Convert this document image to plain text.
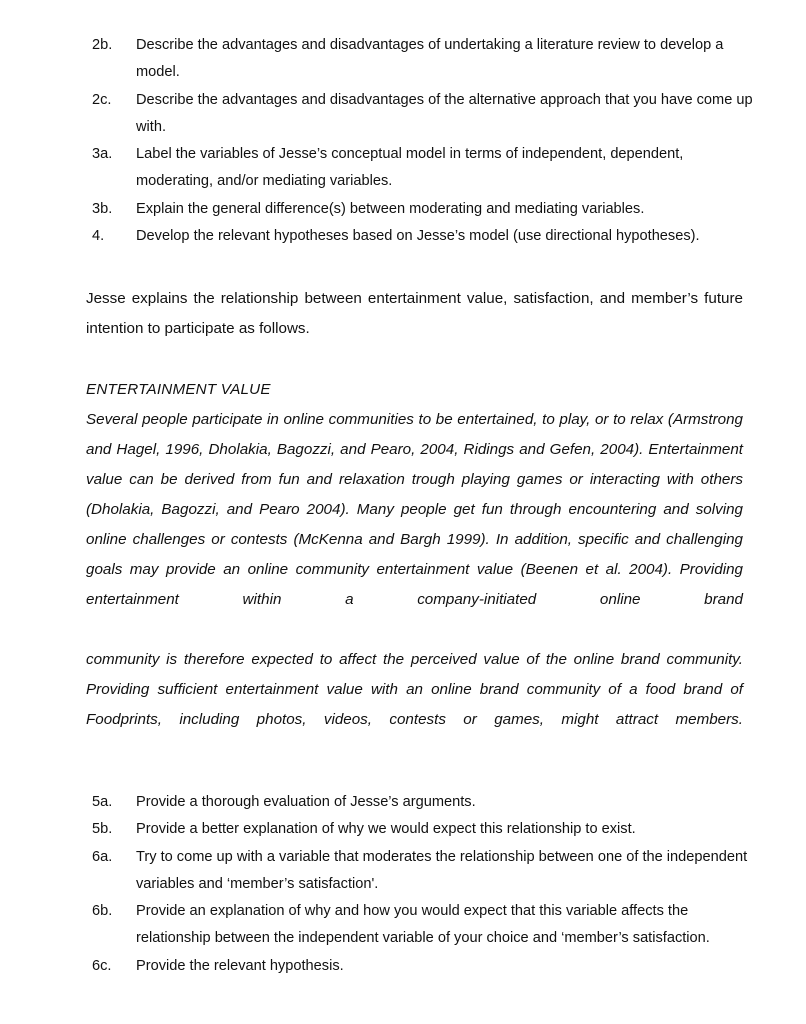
2b.	Describe the advantages and disadvantages of undertaking a literature review to develop a model.
2c.	Describe the advantages and disadvantages of the alternative approach that you have come up with.
3a.	Label the variables of Jesse’s conceptual model in terms of independent, dependent, moderating, and/or mediating variables.
3b.	Explain the general difference(s) between moderating and mediating variables.
4.	Develop the relevant hypotheses based on Jesse’s model (use directional hypotheses).
Jesse explains the relationship between entertainment value, satisfaction, and member’s future intention to participate as follows.
ENTERTAINMENT VALUE
Several people participate in online communities to be entertained, to play, or to relax (Armstrong and Hagel, 1996, Dholakia, Bagozzi, and Pearo, 2004, Ridings and Gefen, 2004). Entertainment value can be derived from fun and relaxation trough playing games or interacting with others (Dholakia, Bagozzi, and Pearo 2004). Many people get fun through encountering and solving online challenges or contests (McKenna and Bargh 1999). In addition, specific and challenging goals may provide an online community entertainment value (Beenen et al. 2004). Providing entertainment within a company-initiated online brand
community is therefore expected to affect the perceived value of the online brand community. Providing sufficient entertainment value with an online brand community of a food brand of Foodprints, including photos, videos, contests or games, might attract members.
5a.	Provide a thorough evaluation of Jesse’s arguments.
5b.	Provide a better explanation of why we would expect this relationship to exist.
6a.	Try to come up with a variable that moderates the relationship between one of the independent variables and ‘member’s satisfaction'.
6b.	Provide an explanation of why and how you would expect that this variable affects the relationship between the independent variable of your choice and ‘member’s satisfaction.
6c.	Provide the relevant hypothesis.
